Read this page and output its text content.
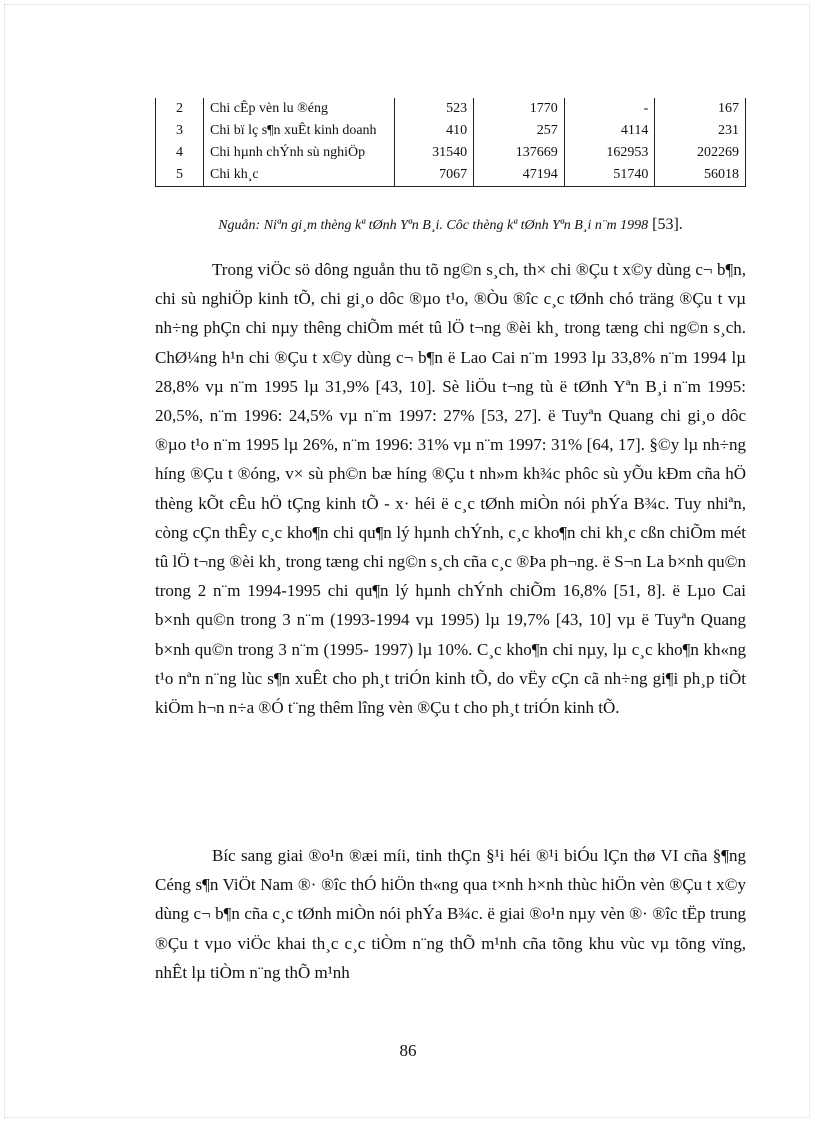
2	Chi cÊp vèn lu ®éng	523	1770	-	167
3	Chi bï lç s¶n xuÊt kinh doanh	410	257	4114	231
4	Chi hµnh chÝnh sù nghiÖp	31540	137669	162953	202269
5	Chi kh¸c	7067	47194	51740	56018
Nguån: Niªn gi¸m thèng kª tØnh Yªn B¸i. Côc thèng kª tØnh Yªn B¸i n¨m 1998 [53].

Trong viÖc sö dông nguån thu tõ ng©n s¸ch, th× chi ®Çu t x©y dùng c¬ b¶n, chi sù nghiÖp kinh tÕ, chi gi¸o dôc ®µo t¹o, ®Òu ®îc c¸c tØnh chó träng ®Çu t vµ nh÷ng phÇn chi nµy thêng chiÕm mét tû lÖ t¬ng ®èi kh¸ trong tæng chi ng©n s¸ch. ChØ¼ng h¹n chi ®Çu t x©y dùng c¬ b¶n ë Lao Cai n¨m 1993 lµ 33,8% n¨m 1994 lµ 28,8% vµ n¨m 1995 lµ 31,9% [43, 10]. Sè liÖu t¬ng tù ë tØnh Yªn B¸i n¨m 1995: 20,5%, n¨m 1996: 24,5% vµ n¨m 1997: 27% [53, 27]. ë Tuyªn Quang chi gi¸o dôc ®µo t¹o n¨m 1995 lµ 26%, n¨m 1996: 31% vµ n¨m 1997: 31% [64, 17]. §©y lµ nh÷ng híng ®Çu t ®óng, v× sù ph©n bæ híng ®Çu t nh»m kh¾c phôc sù yÕu kÐm cña hÖ thèng kÕt cÊu hÖ tÇng kinh tÕ - x· héi ë c¸c tØnh miÒn nói phÝa B¾c. Tuy nhiªn, còng cÇn thÊy c¸c kho¶n chi qu¶n lý hµnh chÝnh, c¸c kho¶n chi kh¸c cßn chiÕm mét tû lÖ t¬ng ®èi kh¸ trong tæng chi ng©n s¸ch cña c¸c ®Þa ph¬ng. ë S¬n La b×nh qu©n trong 2 n¨m 1994-1995 chi qu¶n lý hµnh chÝnh chiÕm 16,8% [51, 8]. ë Lµo Cai b×nh qu©n trong 3 n¨m (1993-1994 vµ 1995) lµ 19,7% [43, 10] vµ ë Tuyªn Quang b×nh qu©n trong 3 n¨m (1995- 1997) lµ 10%. C¸c kho¶n chi nµy, lµ c¸c kho¶n kh«ng t¹o nªn n¨ng lùc s¶n xuÊt cho ph¸t triÓn kinh tÕ, do vËy cÇn cã nh÷ng gi¶i ph¸p tiÕt kiÖm h¬n n÷a ®Ó t¨ng thêm lîng vèn ®Çu t cho ph¸t triÓn kinh tÕ.

Bíc sang giai ®o¹n ®æi míi, tinh thÇn §¹i héi ®¹i biÓu lÇn thø VI cña §¶ng Céng s¶n ViÖt Nam ®· ®îc thÓ hiÖn th«ng qua t×nh h×nh thùc hiÖn vèn ®Çu t x©y dùng c¬ b¶n cña c¸c tØnh miÒn nói phÝa B¾c. ë giai ®o¹n nµy vèn ®· ®îc tËp trung ®Çu t vµo viÖc khai th¸c c¸c tiÒm n¨ng thÕ m¹nh cña tõng khu vùc vµ tõng vïng, nhÊt lµ tiÒm n¨ng thÕ m¹nh

86
